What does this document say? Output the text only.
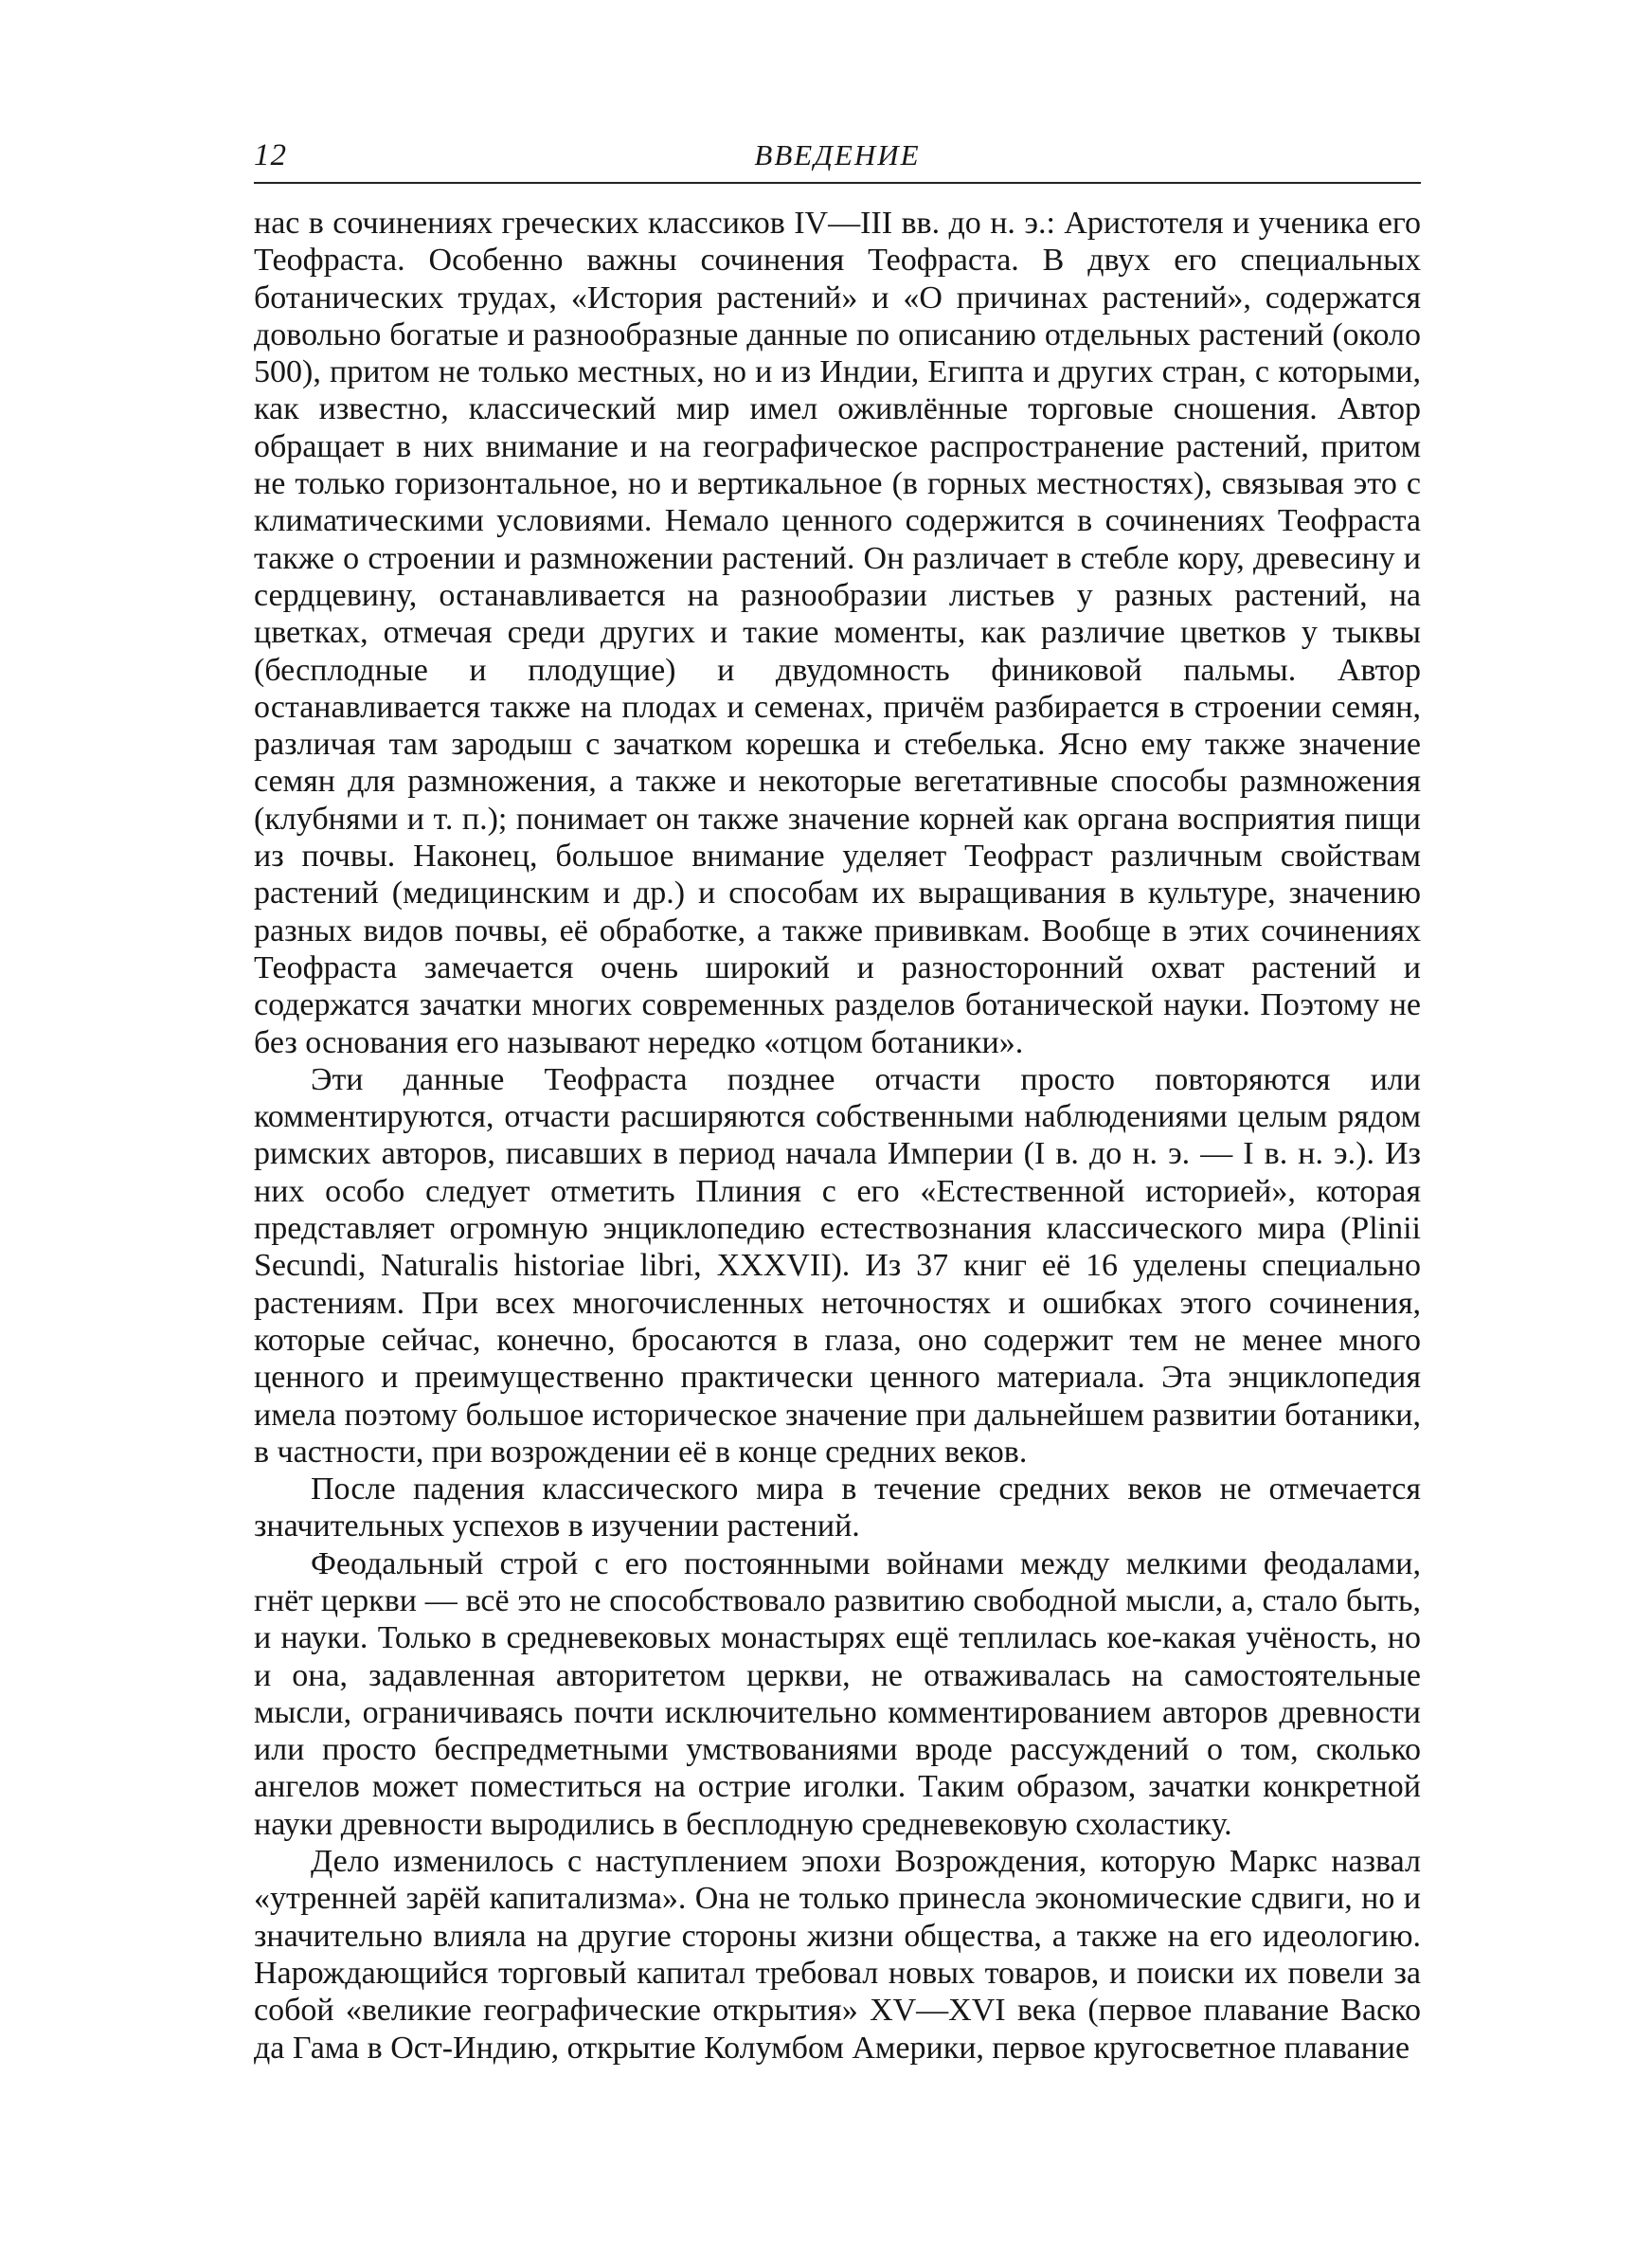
12	ВВЕДЕНИЕ

нас в сочинениях греческих классиков IV—III вв. до н. э.: Аристотеля и ученика его Теофраста. Особенно важны сочинения Теофраста. В двух его специальных ботанических трудах, «История растений» и «О причинах растений», содержатся довольно богатые и разнообразные данные по описанию отдельных растений (около 500), притом не только местных, но и из Индии, Египта и других стран, с которыми, как известно, классический мир имел оживлённые торговые сношения. Автор обращает в них внимание и на географическое распространение растений, притом не только горизонтальное, но и вертикальное (в горных местностях), связывая это с климатическими условиями. Немало ценного содержится в сочинениях Теофраста также о строении и размножении растений. Он различает в стебле кору, древесину и сердцевину, останавливается на разнообразии листьев у разных растений, на цветках, отмечая среди других и такие моменты, как различие цветков у тыквы (бесплодные и плодущие) и двудомность финиковой пальмы. Автор останавливается также на плодах и семенах, причём разбирается в строении семян, различая там зародыш с зачатком корешка и стебелька. Ясно ему также значение семян для размножения, а также и некоторые вегетативные способы размножения (клубнями и т. п.); понимает он также значение корней как органа восприятия пищи из почвы. Наконец, большое внимание уделяет Теофраст различным свойствам растений (медицинским и др.) и способам их выращивания в культуре, значению разных видов почвы, её обработке, а также прививкам. Вообще в этих сочинениях Теофраста замечается очень широкий и разносторонний охват растений и содержатся зачатки многих современных разделов ботанической науки. Поэтому не без основания его называют нередко «отцом ботаники».

Эти данные Теофраста позднее отчасти просто повторяются или комментируются, отчасти расширяются собственными наблюдениями целым рядом римских авторов, писавших в период начала Империи (I в. до н. э. — I в. н. э.). Из них особо следует отметить Плиния с его «Естественной историей», которая представляет огромную энциклопедию естествознания классического мира (Plinii Secundi, Naturalis historiae libri, XXXVII). Из 37 книг её 16 уделены специально растениям. При всех многочисленных неточностях и ошибках этого сочинения, которые сейчас, конечно, бросаются в глаза, оно содержит тем не менее много ценного и преимущественно практически ценного материала. Эта энциклопедия имела поэтому большое историческое значение при дальнейшем развитии ботаники, в частности, при возрождении её в конце средних веков.

После падения классического мира в течение средних веков не отмечается значительных успехов в изучении растений.

Феодальный строй с его постоянными войнами между мелкими феодалами, гнёт церкви — всё это не способствовало развитию свободной мысли, а, стало быть, и науки. Только в средневековых монастырях ещё теплилась кое-какая учёность, но и она, задавленная авторитетом церкви, не отваживалась на самостоятельные мысли, ограничиваясь почти исключительно комментированием авторов древности или просто беспредметными умствованиями вроде рассуждений о том, сколько ангелов может поместиться на острие иголки. Таким образом, зачатки конкретной науки древности выродились в бесплодную средневековую схоластику.

Дело изменилось с наступлением эпохи Возрождения, которую Маркс назвал «утренней зарёй капитализма». Она не только принесла экономические сдвиги, но и значительно влияла на другие стороны жизни общества, а также на его идеологию. Нарождающийся торговый капитал требовал новых товаров, и поиски их повели за собой «великие географические открытия» XV—XVI века (первое плавание Васко да Гама в Ост-Индию, открытие Колумбом Америки, первое кругосветное плавание
